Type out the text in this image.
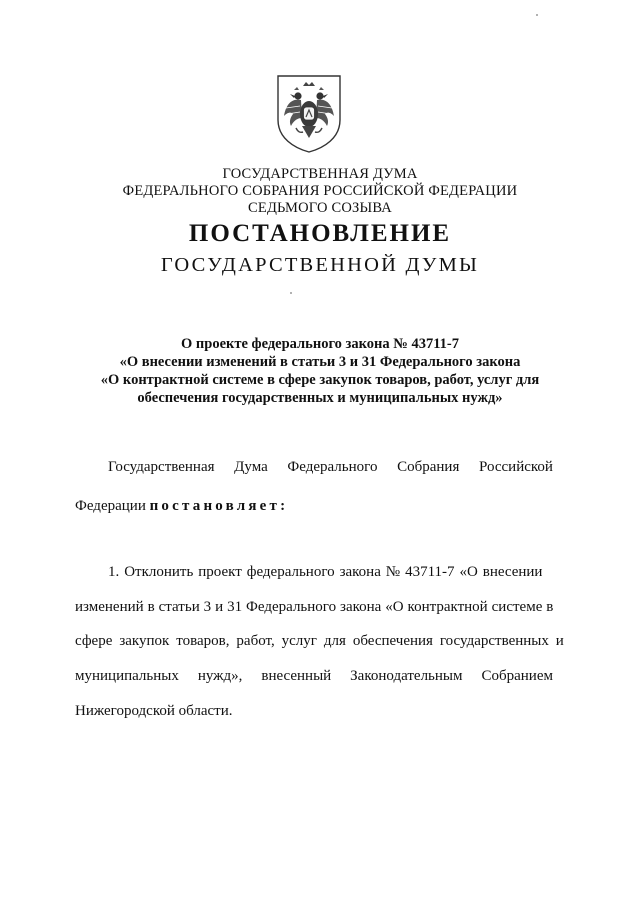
ГОСУДАРСТВЕННАЯ ДУМА
ФЕДЕРАЛЬНОГО СОБРАНИЯ РОССИЙСКОЙ ФЕДЕРАЦИИ
СЕДЬМОГО СОЗЫВА
ПОСТАНОВЛЕНИЕ
ГОСУДАРСТВЕННОЙ ДУМЫ
О проекте федерального закона № 43711-7
«О внесении изменений в статьи 3 и 31 Федерального закона
«О контрактной системе в сфере закупок товаров, работ, услуг для
обеспечения государственных и муниципальных нужд»
Государственная Дума Федерального Собрания Российской
Федерации постановляет:
1. Отклонить проект федерального закона № 43711-7 «О внесении
изменений в статьи 3 и 31 Федерального закона «О контрактной системе в
сфере закупок товаров, работ, услуг для обеспечения государственных и
муниципальных нужд», внесенный Законодательным Собранием
Нижегородской области.
